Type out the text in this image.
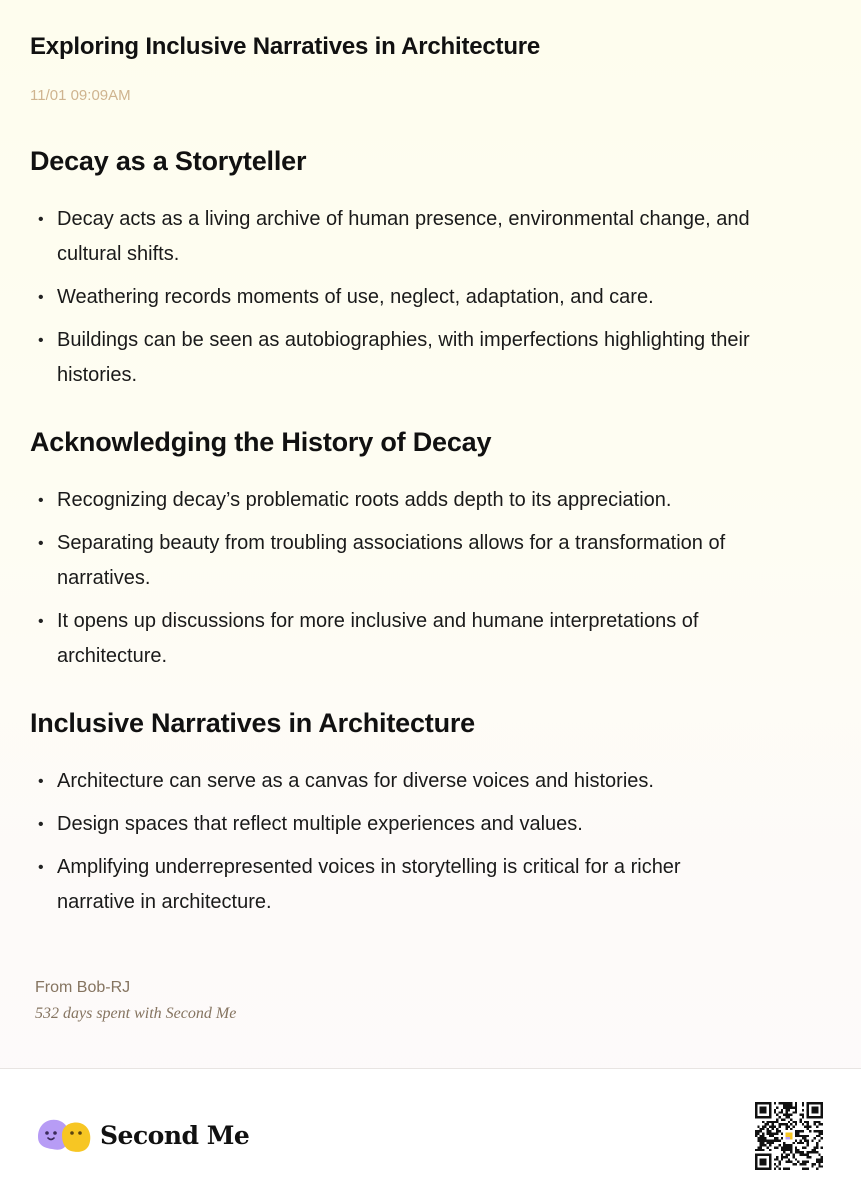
Exploring Inclusive Narratives in Architecture
11/01 09:09AM
Decay as a Storyteller
• Decay acts as a living archive of human presence, environmental change, and
cultural shifts.
• Weathering records moments of use, neglect, adaptation, and care.
• Buildings can be seen as autobiographies, with imperfections highlighting their
histories.
Acknowledging the History of Decay
• Recognizing decay’s problematic roots adds depth to its appreciation.
• Separating beauty from troubling associations allows for a transformation of
narratives.
• It opens up discussions for more inclusive and humane interpretations of
architecture.
Inclusive Narratives in Architecture
• Architecture can serve as a canvas for diverse voices and histories.
• Design spaces that reflect multiple experiences and values.
• Amplifying underrepresented voices in storytelling is critical for a richer
narrative in architecture.
From Bob-RJ
532 days spent with Second Me
Second Me
